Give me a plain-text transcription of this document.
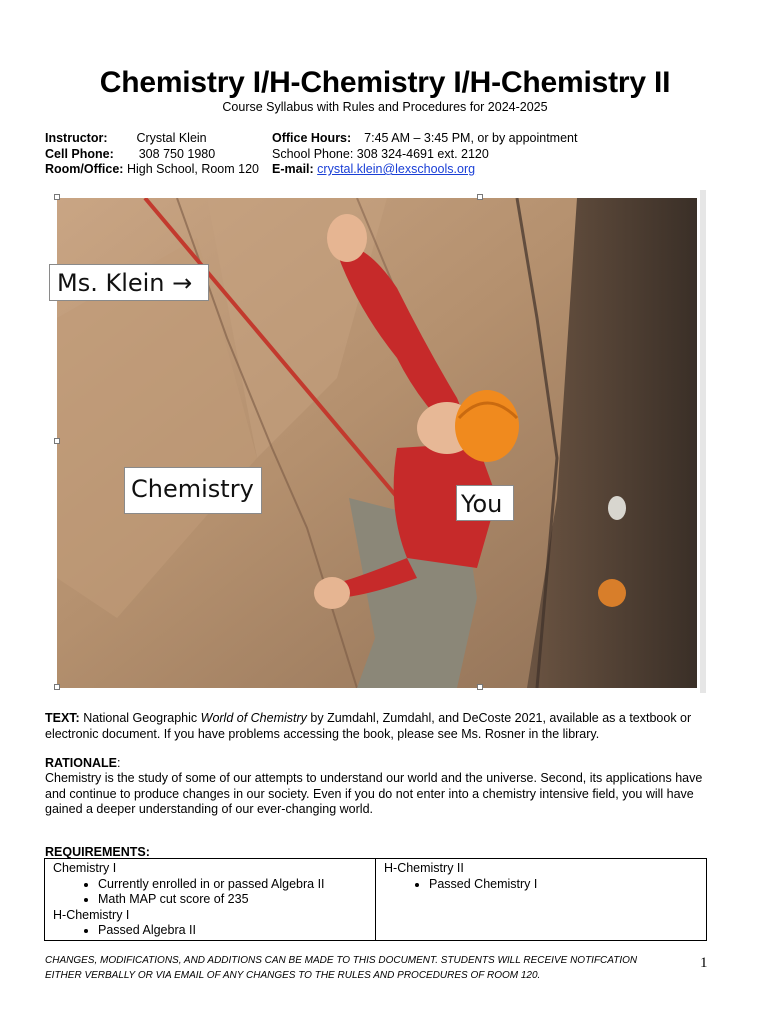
Chemistry I/H-Chemistry I/H-Chemistry II
Course Syllabus with Rules and Procedures for 2024-2025
Instructor: Crystal Klein
Cell Phone: 308 750 1980
Room/Office: High School, Room 120
Office Hours: 7:45 AM – 3:45 PM, or by appointment
School Phone: 308 324-4691 ext. 2120
E-mail: crystal.klein@lexschools.org
Ms. Klein →
Chemistry
You
TEXT: National Geographic World of Chemistry by Zumdahl, Zumdahl, and DeCoste 2021, available as a textbook or electronic document. If you have problems accessing the book, please see Ms. Rosner in the library.
RATIONALE:
Chemistry is the study of some of our attempts to understand our world and the universe. Second, its applications have and continue to produce changes in our society. Even if you do not enter into a chemistry intensive field, you will have gained a deeper understanding of our ever-changing world.
REQUIREMENTS:
Chemistry I
• Currently enrolled in or passed Algebra II
• Math MAP cut score of 235
H-Chemistry I
• Passed Algebra II

H-Chemistry II
• Passed Chemistry I
CHANGES, MODIFICATIONS, AND ADDITIONS CAN BE MADE TO THIS DOCUMENT. STUDENTS WILL RECEIVE NOTIFCATION EITHER VERBALLY OR VIA EMAIL OF ANY CHANGES TO THE RULES AND PROCEDURES OF ROOM 120.
1
